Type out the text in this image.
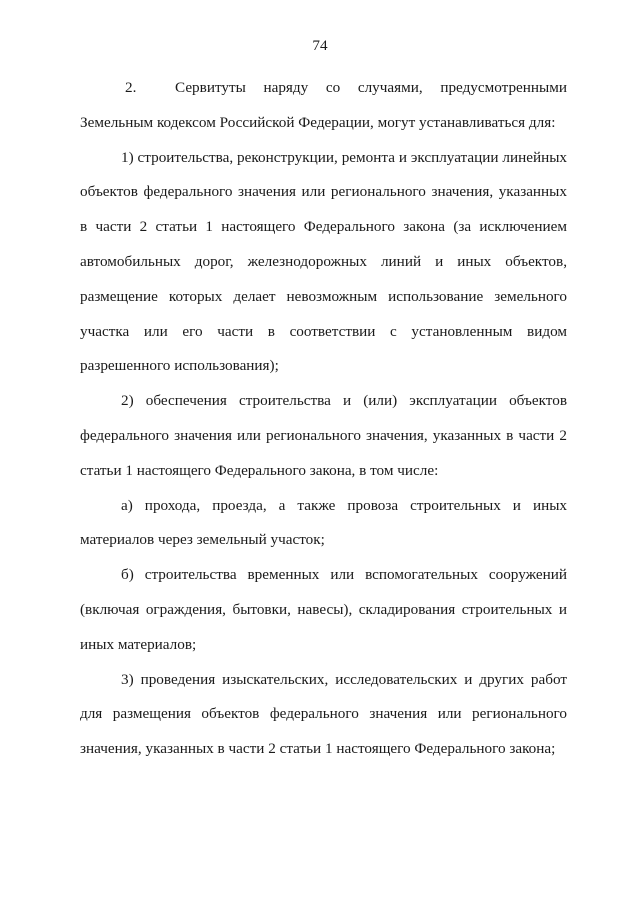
74

2.	Сервитуты наряду со случаями, предусмотренными Земельным кодексом Российской Федерации, могут устанавливаться для:

1) строительства, реконструкции, ремонта и эксплуатации линейных объектов федерального значения или регионального значения, указанных в части 2 статьи 1 настоящего Федерального закона (за исключением автомобильных дорог, железнодорожных линий и иных объектов, размещение которых делает невозможным использование земельного участка или его части в соответствии с установленным видом разрешенного использования);

2) обеспечения строительства и (или) эксплуатации объектов федерального значения или регионального значения, указанных в части 2 статьи 1 настоящего Федерального закона, в том числе:

а) прохода, проезда, а также провоза строительных и иных материалов через земельный участок;

б) строительства временных или вспомогательных сооружений (включая ограждения, бытовки, навесы), складирования строительных и иных материалов;

3) проведения изыскательских, исследовательских и других работ для размещения объектов федерального значения или регионального значения, указанных в части 2 статьи 1 настоящего Федерального закона;
